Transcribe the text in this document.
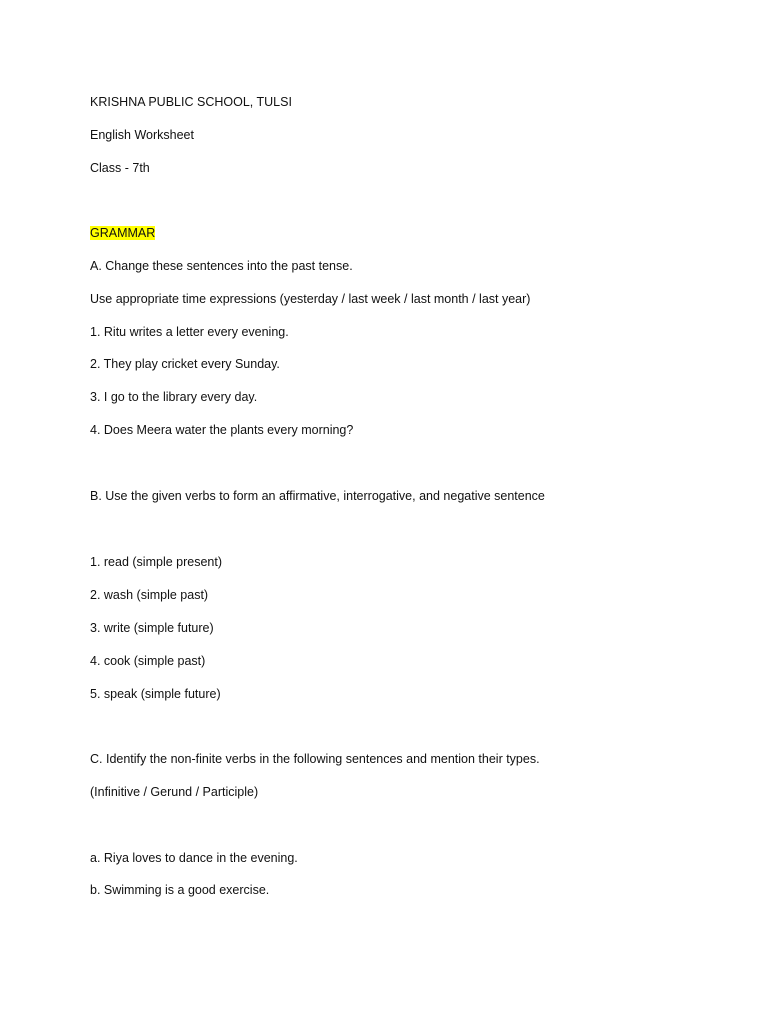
KRISHNA PUBLIC SCHOOL, TULSI
English Worksheet
Class - 7th
GRAMMAR
A. Change these sentences into the past tense.
Use appropriate time expressions (yesterday / last week / last month / last year)
1. Ritu writes a letter every evening.
2. They play cricket every Sunday.
3. I go to the library every day.
4. Does Meera water the plants every morning?
B. Use the given verbs to form an affirmative, interrogative, and negative sentence
1. read (simple present)
2. wash (simple past)
3. write (simple future)
4. cook (simple past)
5. speak (simple future)
C. Identify the non-finite verbs in the following sentences and mention their types.
(Infinitive / Gerund / Participle)
a. Riya loves to dance in the evening.
b. Swimming is a good exercise.
